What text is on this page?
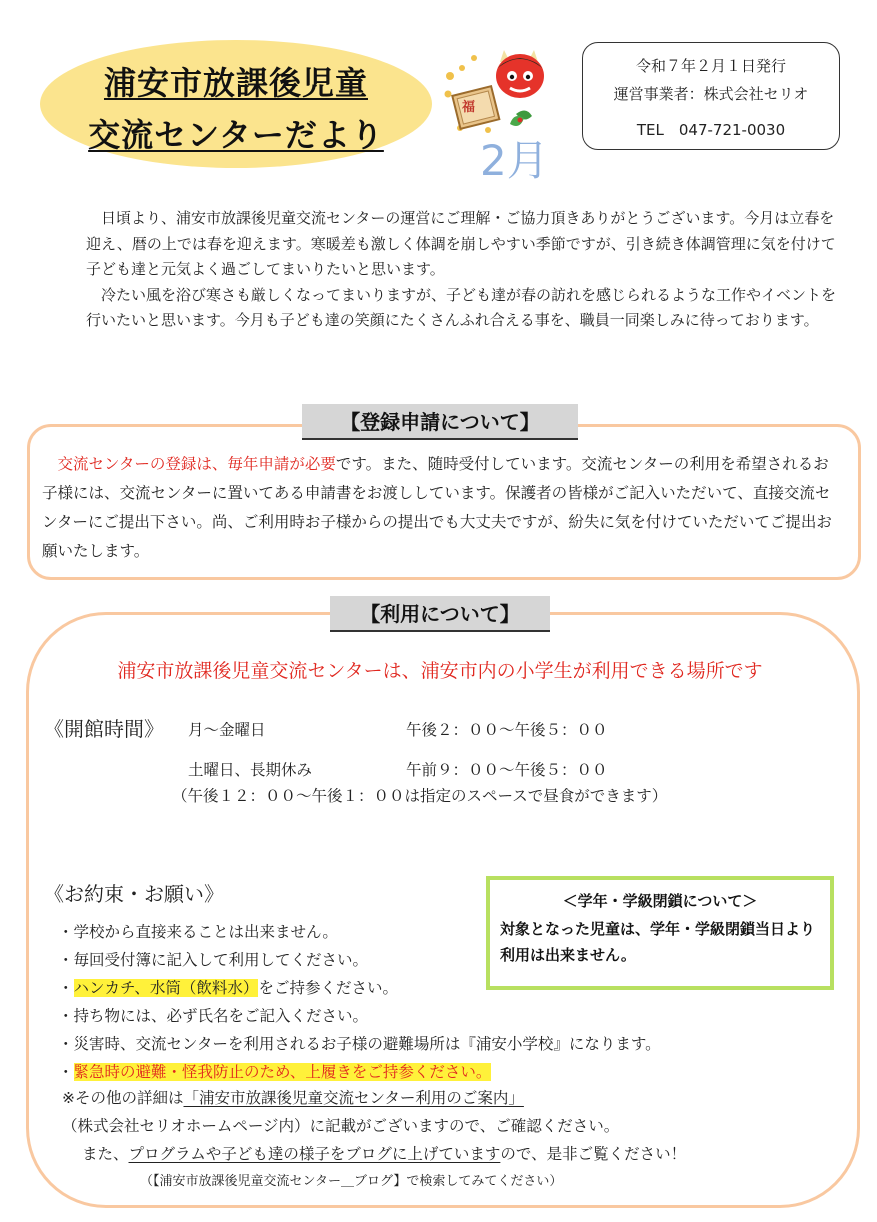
浦安市放課後児童
交流センターだより
福
2月
令和７年２月１日発行
運営事業者：株式会社セリオ
TEL　047-721-0030

　日頃より、浦安市放課後児童交流センターの運営にご理解・ご協力頂きありがとうございます。今月は立春を迎え、暦の上では春を迎えます。寒暖差も激しく体調を崩しやすい季節ですが、引き続き体調管理に気を付けて子ども達と元気よく過ごしてまいりたいと思います。

　冷たい風を浴び寒さも厳しくなってまいりますが、子ども達が春の訪れを感じられるような工作やイベントを行いたいと思います。今月も子ども達の笑顔にたくさんふれ合える事を、職員一同楽しみに待っております。

【登録申請について】
　交流センターの登録は、毎年申請が必要です。また、随時受付しています。交流センターの利用を希望されるお子様には、交流センターに置いてある申請書をお渡ししています。保護者の皆様がご記入いただいて、直接交流センターにご提出下さい。尚、ご利用時お子様からの提出でも大丈夫ですが、紛失に気を付けていただいてご提出お願いたします。
【利用について】
浦安市放課後児童交流センターは、浦安市内の小学生が利用できる場所です
《開館時間》 月～金曜日	午後２：００～午後５：００
土曜日、長期休み	午前９：００～午後５：００
（午後１２：００～午後１：００は指定のスペースで昼食ができます）
《お約束・お願い》	＜学年・学級閉鎖について＞
対象となった児童は、学年・学級閉鎖当日より利用は出来ません。
・学校から直接来ることは出来ません。
・毎回受付簿に記入して利用してください。
・ハンカチ、水筒（飲料水）をご持参ください。
・持ち物には、必ず氏名をご記入ください。
・災害時、交流センターを利用されるお子様の避難場所は『浦安小学校』になります。
・緊急時の避難・怪我防止のため、上履きをご持参ください。
※その他の詳細は「浦安市放課後児童交流センター利用のご案内」
（株式会社セリオホームページ内）に記載がございますので、ご確認ください。
また、プログラムや子ども達の様子をブログに上げていますので、是非ご覧ください！
（【浦安市放課後児童交流センター＿ブログ】で検索してみてください）
